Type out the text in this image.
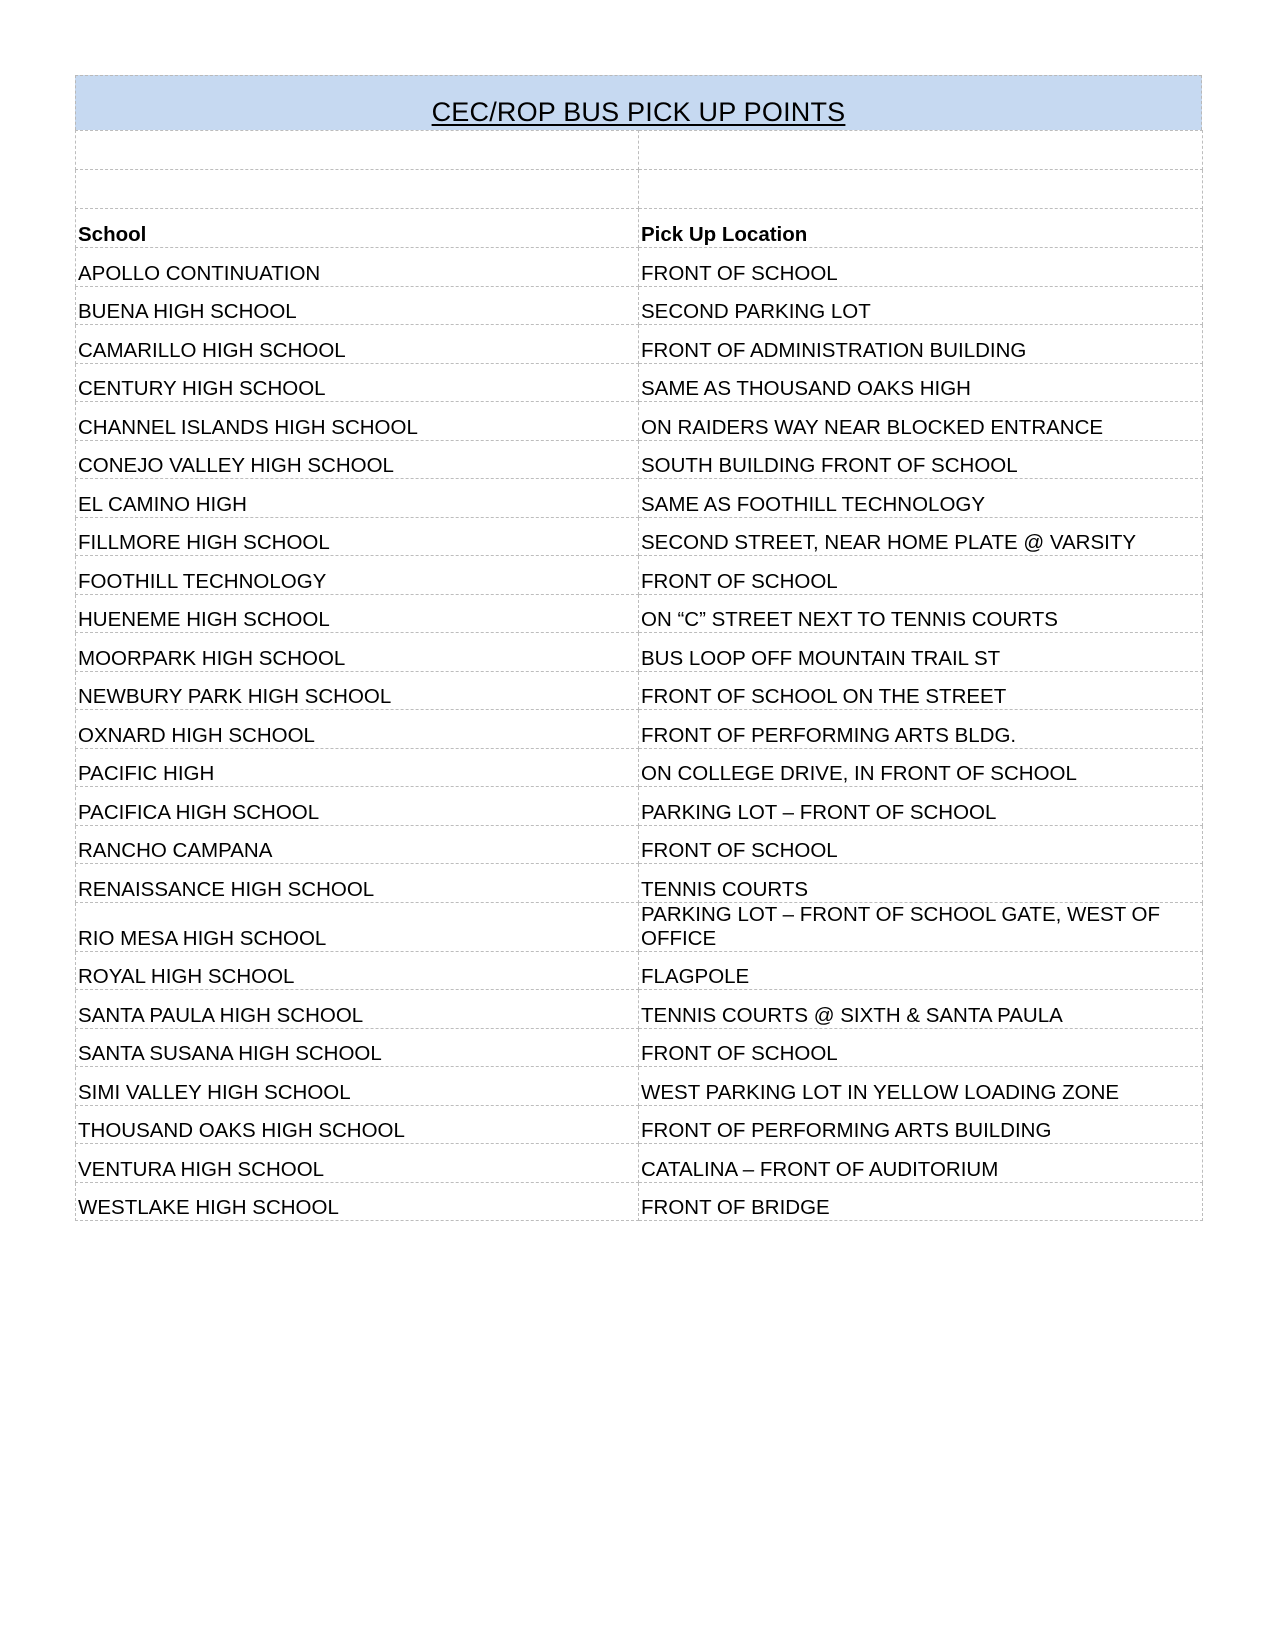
CEC/ROP BUS PICK UP POINTS

School	Pick Up Location
APOLLO CONTINUATION	FRONT OF SCHOOL
BUENA HIGH SCHOOL	SECOND PARKING LOT
CAMARILLO HIGH SCHOOL	FRONT OF ADMINISTRATION BUILDING
CENTURY HIGH SCHOOL	SAME AS THOUSAND OAKS HIGH
CHANNEL ISLANDS HIGH SCHOOL	ON RAIDERS WAY NEAR BLOCKED ENTRANCE
CONEJO VALLEY HIGH SCHOOL	SOUTH BUILDING FRONT OF SCHOOL
EL CAMINO HIGH	SAME AS FOOTHILL TECHNOLOGY
FILLMORE HIGH SCHOOL	SECOND STREET, NEAR HOME PLATE @ VARSITY
FOOTHILL TECHNOLOGY	FRONT OF SCHOOL
HUENEME HIGH SCHOOL	ON “C” STREET NEXT TO TENNIS COURTS
MOORPARK HIGH SCHOOL	BUS LOOP OFF MOUNTAIN TRAIL ST
NEWBURY PARK HIGH SCHOOL	FRONT OF SCHOOL ON THE STREET
OXNARD HIGH SCHOOL	FRONT OF PERFORMING ARTS BLDG.
PACIFIC HIGH	ON COLLEGE DRIVE, IN FRONT OF SCHOOL
PACIFICA HIGH SCHOOL	PARKING LOT – FRONT OF SCHOOL
RANCHO CAMPANA	FRONT OF SCHOOL
RENAISSANCE HIGH SCHOOL	TENNIS COURTS
RIO MESA HIGH SCHOOL	PARKING LOT – FRONT OF SCHOOL GATE, WEST OF OFFICE
ROYAL HIGH SCHOOL	FLAGPOLE
SANTA PAULA HIGH SCHOOL	TENNIS COURTS @ SIXTH & SANTA PAULA
SANTA SUSANA HIGH SCHOOL	FRONT OF SCHOOL
SIMI VALLEY HIGH SCHOOL	WEST PARKING LOT IN YELLOW LOADING ZONE
THOUSAND OAKS HIGH SCHOOL	FRONT OF PERFORMING ARTS BUILDING
VENTURA HIGH SCHOOL	CATALINA – FRONT OF AUDITORIUM
WESTLAKE HIGH SCHOOL	FRONT OF BRIDGE
